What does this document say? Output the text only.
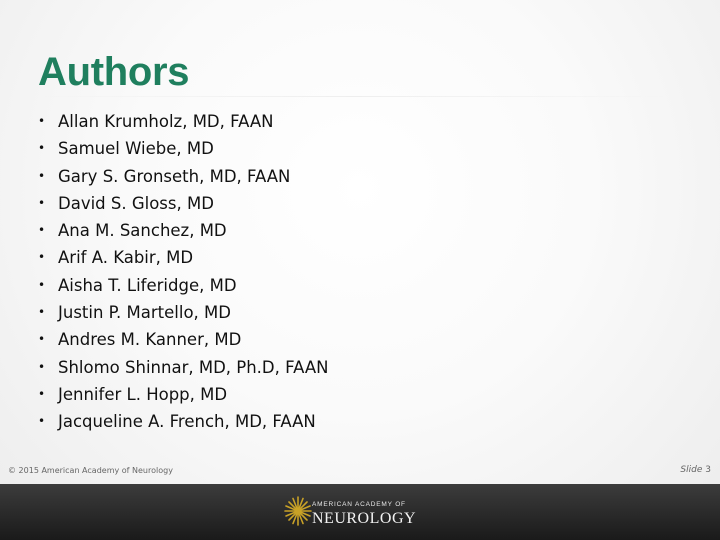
Authors
• Allan Krumholz, MD, FAAN
• Samuel Wiebe, MD
• Gary S. Gronseth, MD, FAAN
• David S. Gloss, MD
• Ana M. Sanchez, MD
• Arif A. Kabir, MD
• Aisha T. Liferidge, MD
• Justin P. Martello, MD
• Andres M. Kanner, MD
• Shlomo Shinnar, MD, Ph.D, FAAN
• Jennifer L. Hopp, MD
• Jacqueline A. French, MD, FAAN
© 2015 American Academy of Neurology	Slide 3
AMERICAN ACADEMY OF
NEUROLOGY
